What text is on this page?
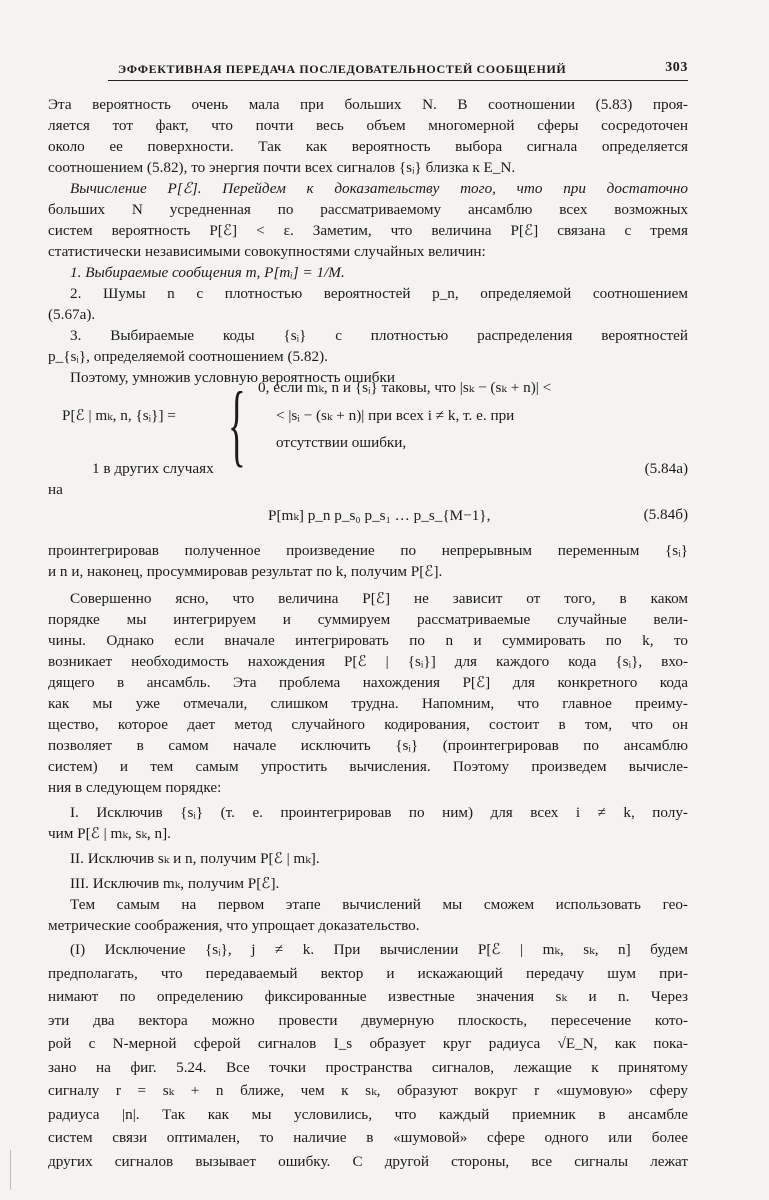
ЭФФЕКТИВНАЯ ПЕРЕДАЧА ПОСЛЕДОВАТЕЛЬНОСТЕЙ СООБЩЕНИЙ	303
Эта вероятность очень мала при больших N. В соотношении (5.83) проя-
ляется тот факт, что почти весь объем многомерной сферы сосредоточен
около ее поверхности. Так как вероятность выбора сигнала определяется
соотношением (5.82), то энергия почти всех сигналов {sᵢ} близка к E_N.
Вычисление P[ℰ]. Перейдем к доказательству того, что при достаточно
больших N усредненная по рассматриваемому ансамблю всех возможных
систем вероятность P[ℰ] < ε. Заметим, что величина P[ℰ] связана с тремя
статистически независимыми совокупностями случайных величин:
1. Выбираемые сообщения m, P[mᵢ] = 1/M.
2. Шумы n с плотностью вероятностей p_n, определяемой соотношением
(5.67а).
3. Выбираемые коды {sᵢ} с плотностью распределения вероятностей
p_{sᵢ}, определяемой соотношением (5.82).
Поэтому, умножив условную вероятность ошибки
P[ℰ | mₖ, n, {sᵢ}] = { 0, если mₖ, n и {sᵢ} таковы, что |sₖ − (sₖ + n)| <
< |sᵢ − (sₖ + n)| при всех i ≠ k, т. е. при
отсутствии ошибки,
1 в других случаях	(5.84а)
на
P[mₖ] p_n p_s₀ p_s₁ … p_s_{M−1},	(5.84б)
проинтегрировав полученное произведение по непрерывным переменным {sᵢ}
и n и, наконец, просуммировав результат по k, получим P[ℰ].
Совершенно ясно, что величина P[ℰ] не зависит от того, в каком
порядке мы интегрируем и суммируем рассматриваемые случайные вели-
чины. Однако если вначале интегрировать по n и суммировать по k, то
возникает необходимость нахождения P[ℰ | {sᵢ}] для каждого кода {sᵢ}, вхо-
дящего в ансамбль. Эта проблема нахождения P[ℰ] для конкретного кода
как мы уже отмечали, слишком трудна. Напомним, что главное преиму-
щество, которое дает метод случайного кодирования, состоит в том, что он
позволяет в самом начале исключить {sᵢ} (проинтегрировав по ансамблю
систем) и тем самым упростить вычисления. Поэтому произведем вычисле-
ния в следующем порядке:
I. Исключив {sᵢ} (т. е. проинтегрировав по ним) для всех i ≠ k, полу-
чим P[ℰ | mₖ, sₖ, n].
II. Исключив sₖ и n, получим P[ℰ | mₖ].
III. Исключив mₖ, получим P[ℰ].
Тем самым на первом этапе вычислений мы сможем использовать гео-
метрические соображения, что упрощает доказательство.
(I) Исключение {sᵢ}, j ≠ k. При вычислении P[ℰ | mₖ, sₖ, n] будем
предполагать, что передаваемый вектор и искажающий передачу шум при-
нимают по определению фиксированные известные значения sₖ и n. Через
эти два вектора можно провести двумерную плоскость, пересечение кото-
рой с N-мерной сферой сигналов I_s образует круг радиуса √E_N, как пока-
зано на фиг. 5.24. Все точки пространства сигналов, лежащие к принятому
сигналу r = sₖ + n ближе, чем к sₖ, образуют вокруг r «шумовую» сферу
радиуса |n|. Так как мы условились, что каждый приемник в ансамбле
систем связи оптимален, то наличие в «шумовой» сфере одного или более
других сигналов вызывает ошибку. С другой стороны, все сигналы лежат
